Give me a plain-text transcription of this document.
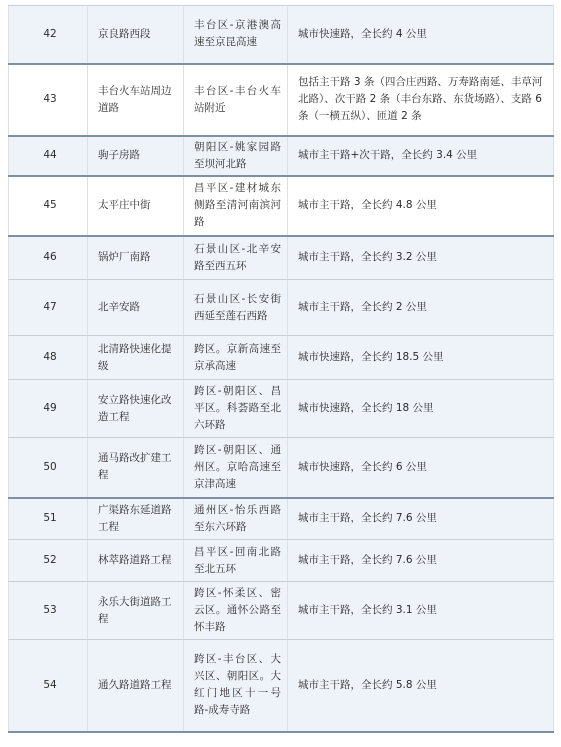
42	京良路西段	丰台区-京港澳高速至京昆高速	城市快速路，全长约 4 公里
43	丰台火车站周边道路	丰台区-丰台火车站附近	包括主干路 3 条（四合庄西路、万寿路南延、丰草河北路）、次干路 2 条（丰台东路、东货场路）、支路 6 条（一横五纵）、匝道 2 条
44	驹子房路	朝阳区-姚家园路至坝河北路	城市主干路+次干路，全长约 3.4 公里
45	太平庄中街	昌平区-建材城东侧路至清河南滨河路	城市主干路，全长约 4.8 公里
46	锅炉厂南路	石景山区-北辛安路至西五环	城市主干路，全长约 3.2 公里
47	北辛安路	石景山区-长安街西延至莲石西路	城市主干路，全长约 2 公里
48	北清路快速化提级	跨区。京新高速至京承高速	城市快速路，全长约 18.5 公里
49	安立路快速化改造工程	跨区-朝阳区、昌平区。科荟路至北六环路	城市快速路，全长约 18 公里
50	通马路改扩建工程	跨区-朝阳区、通州区。京哈高速至京津高速	城市快速路，全长约 6 公里
51	广渠路东延道路工程	通州区-怡乐西路至东六环路	城市主干路，全长约 7.6 公里
52	林萃路道路工程	昌平区-回南北路至北五环	城市主干路，全长约 7.6 公里
53	永乐大街道路工程	跨区-怀柔区、密云区。通怀公路至怀丰路	城市主干路，全长约 3.1 公里
54	通久路道路工程	跨区-丰台区、大兴区、朝阳区。大红门地区十一号路-成寿寺路	城市主干路，全长约 5.8 公里
